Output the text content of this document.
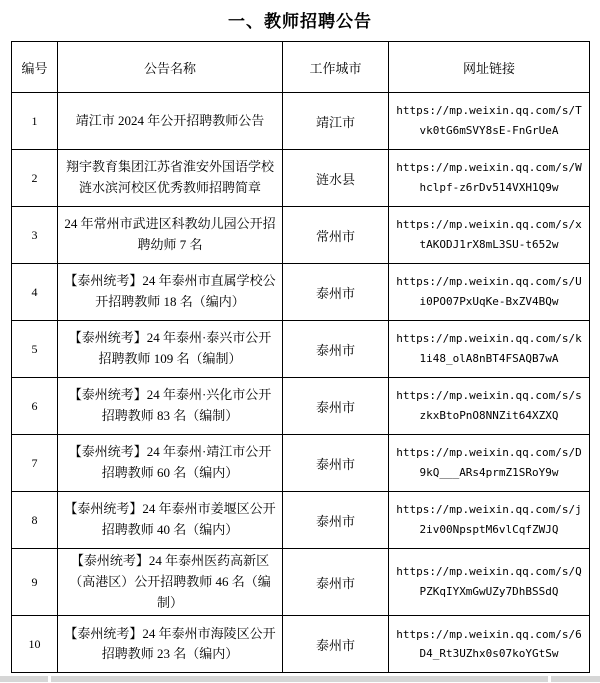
一、教师招聘公告
编号	公告名称	工作城市	网址链接
1	靖江市 2024 年公开招聘教师公告	靖江市	https://mp.weixin.qq.com/s/Tvk0tG6mSVY8sE-FnGrUeA
2	翔宇教育集团江苏省淮安外国语学校涟水滨河校区优秀教师招聘简章	涟水县	https://mp.weixin.qq.com/s/Whclpf-z6rDv514VXH1Q9w
3	24 年常州市武进区科教幼儿园公开招聘幼师 7 名	常州市	https://mp.weixin.qq.com/s/xtAKODJ1rX8mL3SU-t652w
4	【泰州统考】24 年泰州市直属学校公开招聘教师 18 名（编内）	泰州市	https://mp.weixin.qq.com/s/Ui0PO07PxUqKe-BxZV4BQw
5	【泰州统考】24 年泰州·泰兴市公开招聘教师 109 名（编制）	泰州市	https://mp.weixin.qq.com/s/k1i48_olA8nBT4FSAQB7wA
6	【泰州统考】24 年泰州·兴化市公开招聘教师 83 名（编制）	泰州市	https://mp.weixin.qq.com/s/szkxBtoPnO8NNZit64XZXQ
7	【泰州统考】24 年泰州·靖江市公开招聘教师 60 名（编内）	泰州市	https://mp.weixin.qq.com/s/D9kQ___ARs4prmZ1SRoY9w
8	【泰州统考】24 年泰州市姜堰区公开招聘教师 40 名（编内）	泰州市	https://mp.weixin.qq.com/s/j2iv00NpsptM6vlCqfZWJQ
9	【泰州统考】24 年泰州医药高新区（高港区）公开招聘教师 46 名（编制）	泰州市	https://mp.weixin.qq.com/s/QPZKqIYXmGwUZy7DhBSSdQ
10	【泰州统考】24 年泰州市海陵区公开招聘教师 23 名（编内）	泰州市	https://mp.weixin.qq.com/s/6D4_Rt3UZhx0s07koYGtSw
